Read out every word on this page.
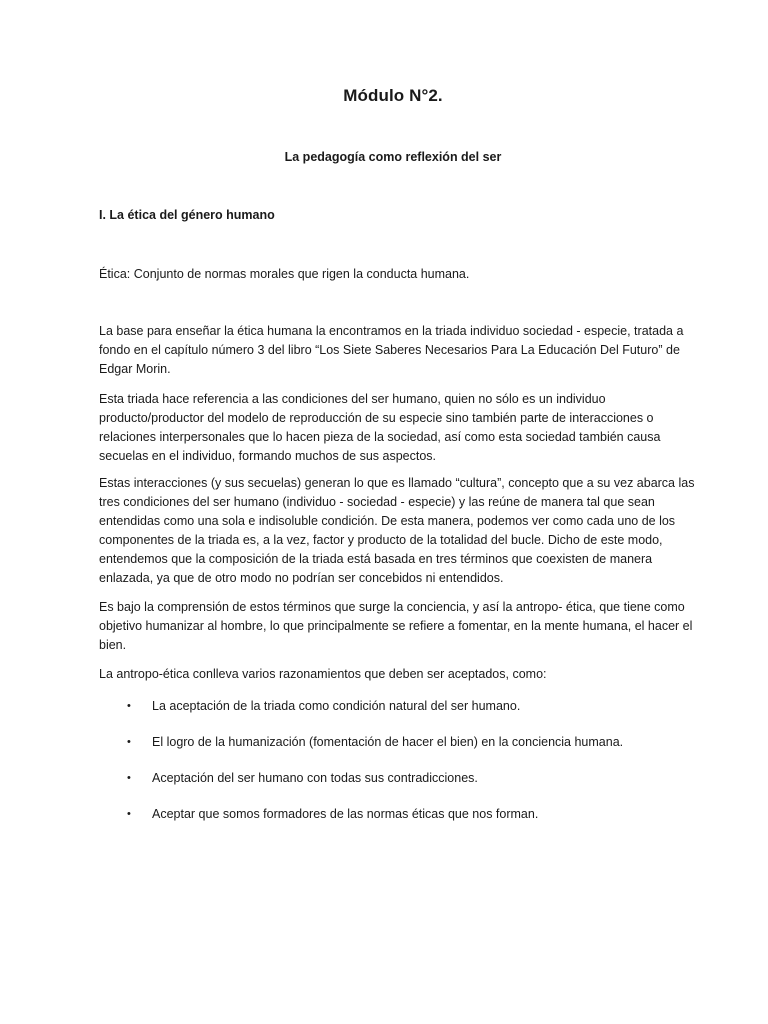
Módulo N°2.
La pedagogía como reflexión del ser
I. La ética del género humano

Ética: Conjunto de normas morales que rigen la conducta humana.

La base para enseñar la ética humana la encontramos en la triada individuo sociedad - especie, tratada a fondo en el capítulo número 3 del libro “Los Siete Saberes Necesarios Para La Educación Del Futuro” de Edgar Morin.

Esta triada hace referencia a las condiciones del ser humano, quien no sólo es un individuo producto/productor del modelo de reproducción de su especie sino también parte de interacciones o relaciones interpersonales que lo hacen pieza de la sociedad, así como esta sociedad también causa secuelas en el individuo, formando muchos de sus aspectos.

Estas interacciones (y sus secuelas) generan lo que es llamado “cultura”, concepto que a su vez abarca las tres condiciones del ser humano (individuo - sociedad - especie) y las reúne de manera tal que sean entendidas como una sola e indisoluble condición. De esta manera, podemos ver como cada uno de los componentes de la triada es, a la vez, factor y producto de la totalidad del bucle. Dicho de este modo, entendemos que la composición de la triada está basada en tres términos que coexisten de manera enlazada, ya que de otro modo no podrían ser concebidos ni entendidos.

Es bajo la comprensión de estos términos que surge la conciencia, y así la antropo- ética, que tiene como objetivo humanizar al hombre, lo que principalmente se refiere a fomentar, en la mente humana, el hacer el bien.

La antropo-ética conlleva varios razonamientos que deben ser aceptados, como:

• La aceptación de la triada como condición natural del ser humano.
• El logro de la humanización (fomentación de hacer el bien) en la conciencia humana.
• Aceptación del ser humano con todas sus contradicciones.
• Aceptar que somos formadores de las normas éticas que nos forman.
